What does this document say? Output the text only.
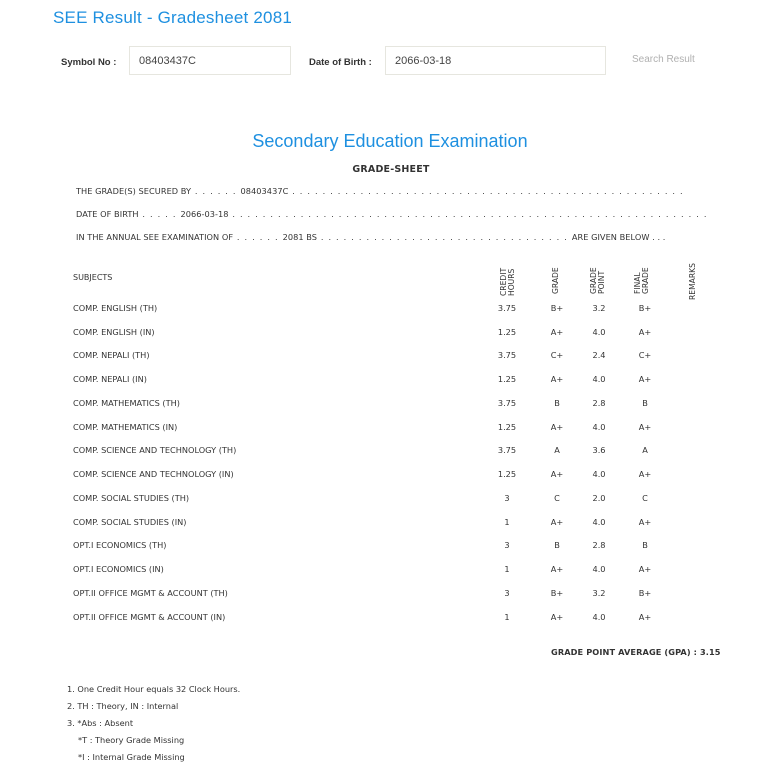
SEE Result - Gradesheet 2081
Symbol No :
08403437C	Date of Birth :
2066-03-18	Search Result
Secondary Education Examination
GRADE-SHEET
THE GRADE(S) SECURED BY . . . . . . 08403437C . . . . . . . . . . . . . . . . . . . . . . . . . . . . . . . . . . . . . . . . . . . . . . . . . . . .
DATE OF BIRTH . . . . . 2066-03-18 . . . . . . . . . . . . . . . . . . . . . . . . . . . . . . . . . . . . . . . . . . . . . . . . . . . . . . . . . . . . . . .
IN THE ANNUAL SEE EXAMINATION OF . . . . . . 2081 BS . . . . . . . . . . . . . . . . . . . . . . . . . . . . . . . . . ARE GIVEN BELOW . . .
SUBJECTS	CREDIT HOURS	GRADE	GRADE POINT	FINAL GRADE	REMARKS
COMP. ENGLISH (TH)	3.75	B+	3.2	B+
COMP. ENGLISH (IN)	1.25	A+	4.0	A+
COMP. NEPALI (TH)	3.75	C+	2.4	C+
COMP. NEPALI (IN)	1.25	A+	4.0	A+
COMP. MATHEMATICS (TH)	3.75	B	2.8	B
COMP. MATHEMATICS (IN)	1.25	A+	4.0	A+
COMP. SCIENCE AND TECHNOLOGY (TH)	3.75	A	3.6	A
COMP. SCIENCE AND TECHNOLOGY (IN)	1.25	A+	4.0	A+
COMP. SOCIAL STUDIES (TH)	3	C	2.0	C
COMP. SOCIAL STUDIES (IN)	1	A+	4.0	A+
OPT.I ECONOMICS (TH)	3	B	2.8	B
OPT.I ECONOMICS (IN)	1	A+	4.0	A+
OPT.II OFFICE MGMT & ACCOUNT (TH)	3	B+	3.2	B+
OPT.II OFFICE MGMT & ACCOUNT (IN)	1	A+	4.0	A+
GRADE POINT AVERAGE (GPA) : 3.15
1. One Credit Hour equals 32 Clock Hours.
2. TH : Theory, IN : Internal
3. *Abs : Absent
*T : Theory Grade Missing
*I : Internal Grade Missing
